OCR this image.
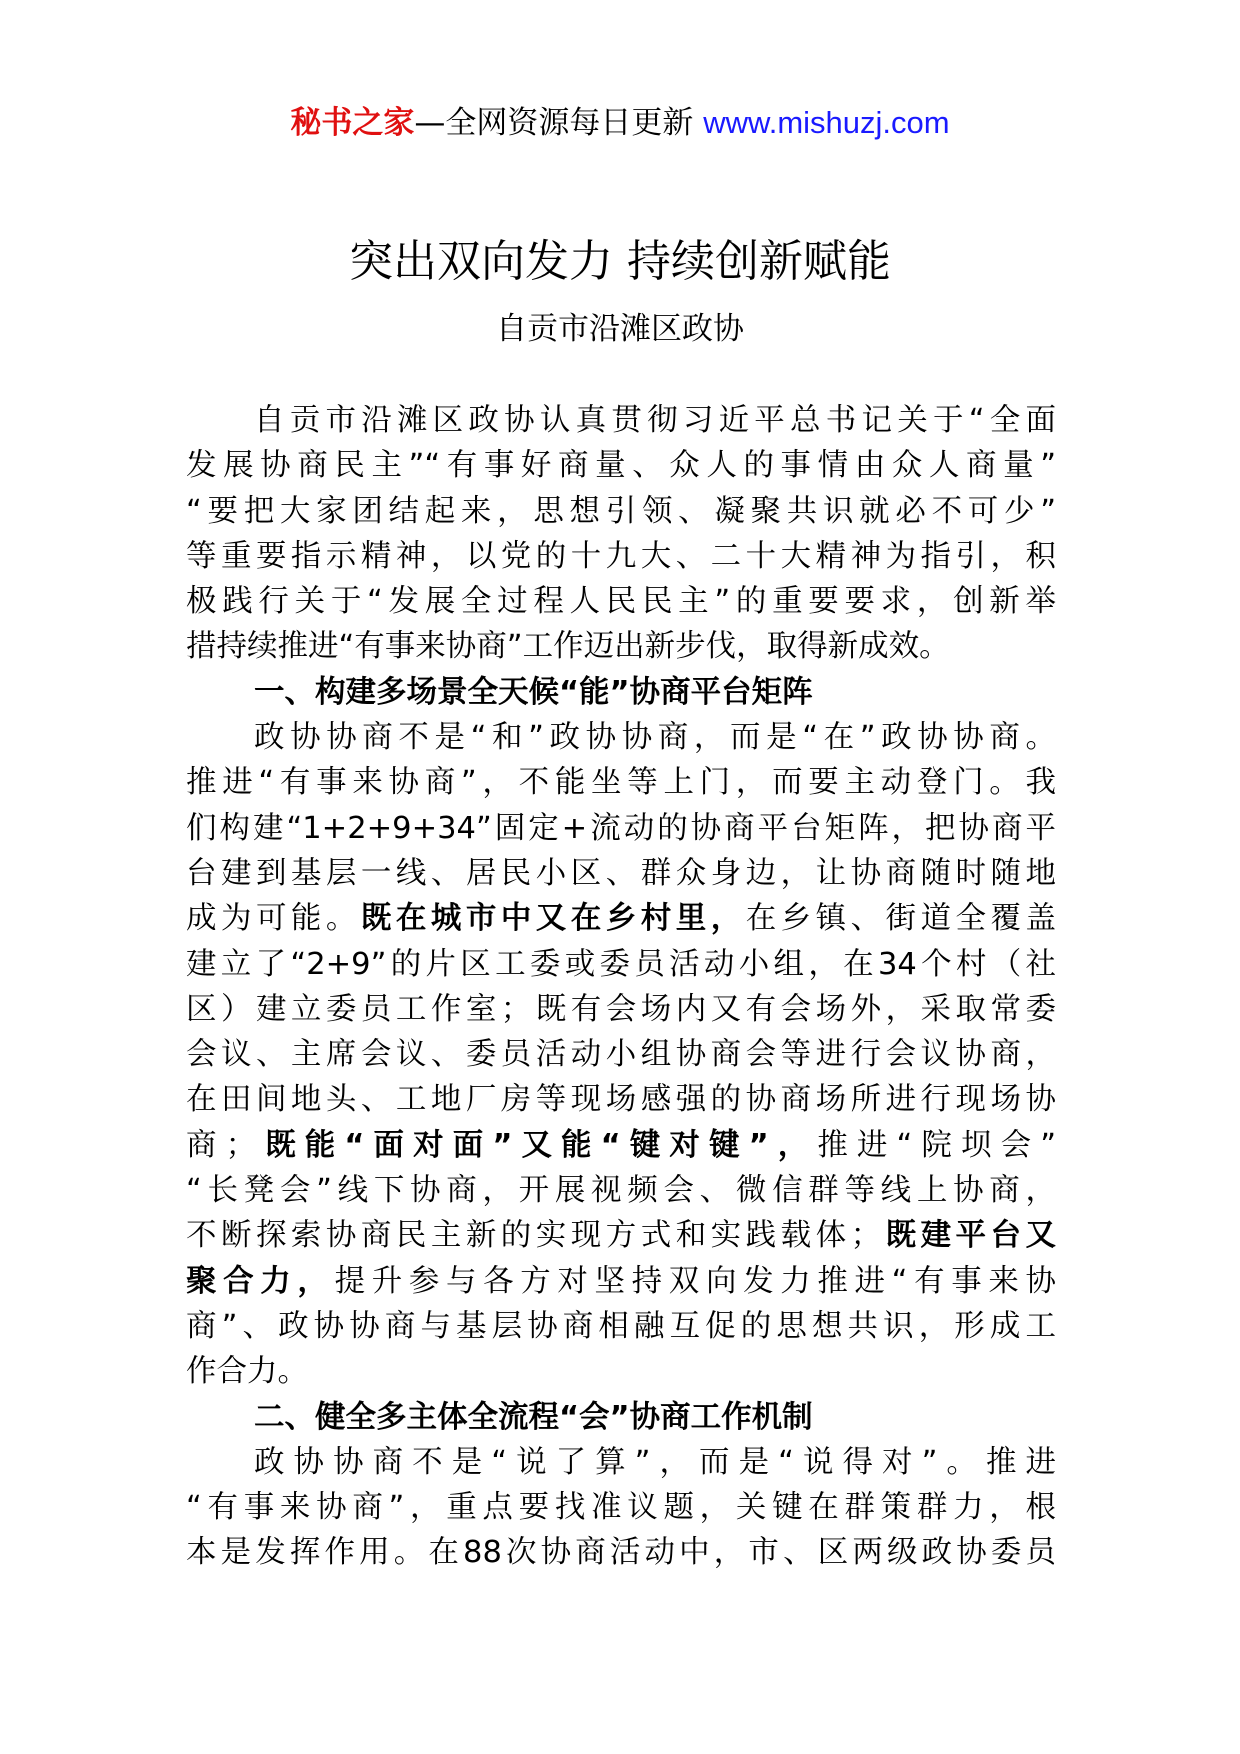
秘书之家—全网资源每日更新 www.mishuzj.com
突出双向发力 持续创新赋能
自贡市沿滩区政协
自贡市沿滩区政协认真贯彻习近平总书记关于“全面
发展协商民主”“有事好商量、众人的事情由众人商量”
“要把大家团结起来，思想引领、凝聚共识就必不可少”
等重要指示精神，以党的十九大、二十大精神为指引，积
极践行关于“发展全过程人民民主”的重要要求，创新举
措持续推进“有事来协商”工作迈出新步伐，取得新成效。
一、构建多场景全天候“能”协商平台矩阵
政协协商不是“和”政协协商，而是“在”政协协商。
推进“有事来协商”，不能坐等上门，而要主动登门。我
们构建“1+2+9+34”固定+流动的协商平台矩阵，把协商平
台建到基层一线、居民小区、群众身边，让协商随时随地
成为可能。既在城市中又在乡村里，在乡镇、街道全覆盖
建立了“2+9”的片区工委或委员活动小组，在34个村（社
区）建立委员工作室；既有会场内又有会场外，采取常委
会议、主席会议、委员活动小组协商会等进行会议协商，
在田间地头、工地厂房等现场感强的协商场所进行现场协
商；既能“面对面”又能“键对键”，推进“院坝会”
“长凳会”线下协商，开展视频会、微信群等线上协商，
不断探索协商民主新的实现方式和实践载体；既建平台又
聚合力，提升参与各方对坚持双向发力推进“有事来协
商”、政协协商与基层协商相融互促的思想共识，形成工
作合力。
二、健全多主体全流程“会”协商工作机制
政协协商不是“说了算”，而是“说得对”。推进
“有事来协商”，重点要找准议题，关键在群策群力，根
本是发挥作用。在88次协商活动中，市、区两级政协委员
